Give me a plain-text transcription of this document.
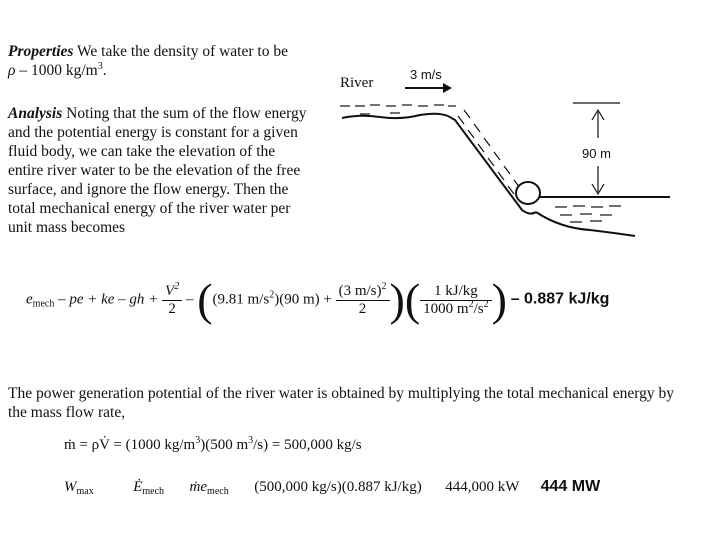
Properties We take the density of water to be
ρ – 1000 $kg/m^3$.
Analysis Noting that the sum of the flow energy
and the potential energy is constant for a given
fluid body, we can take the elevation of the
entire river water to be the elevation of the free
surface, and ignore the flow energy. Then the
total mechanical energy of the river water per
unit mass becomes
River
3 m/s
90 m
$e_{mech}$ – pe + ke – gh + $\frac{V^2}{2} - ((9.81$ $m/s^2)(90$ $m) + \frac{(3 m/s)^2}{2}$ )( $\frac{1 kJ/kg}{1000 m^2/s^2}$ ) – 0.887 kJ/kg
The power generation potential of the river water is obtained by multiplying the total mechanical energy by
the mass flow rate,
ṁ = ρV̇ = (1000 $kg/m^3)(500$ $m^3/s) = 500,000$ kg/s
$W_{max}$	$Ė_{mech}$ ṁe$_{mech}$ (500,000 kg/s)(0.887 kJ/kg) 444,000 kW 444 MW
